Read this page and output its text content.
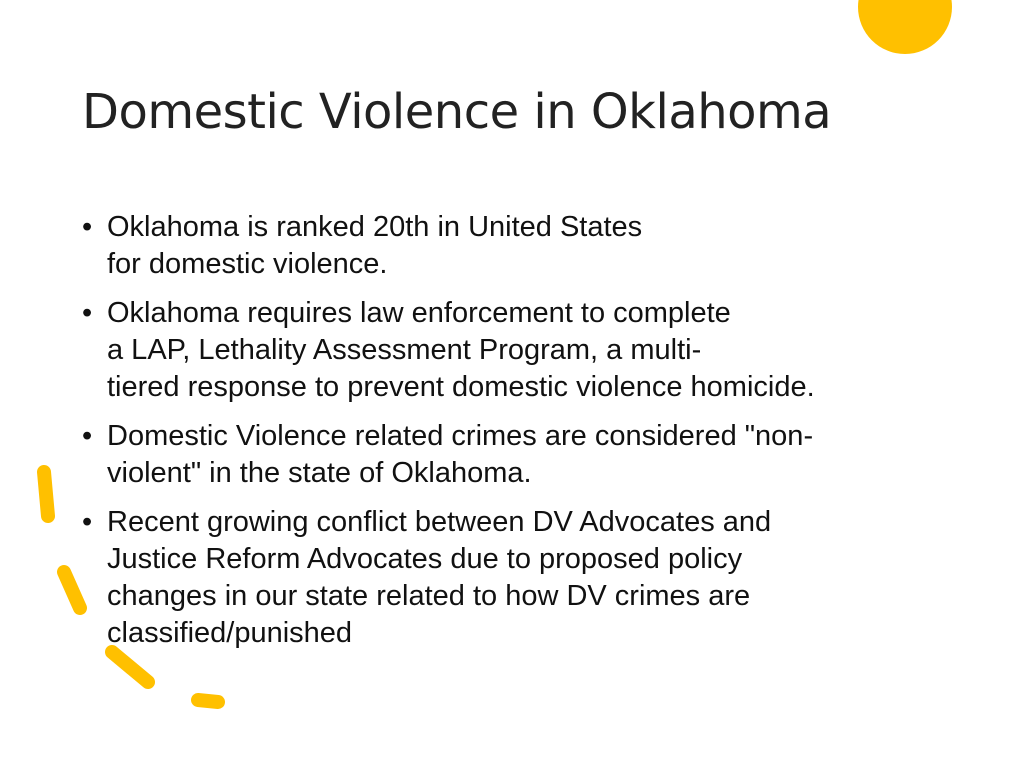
Domestic Violence in Oklahoma
• Oklahoma is ranked 20th in United States
for domestic violence.
• Oklahoma requires law enforcement to complete
a LAP, Lethality Assessment Program, a multi-
tiered response to prevent domestic violence homicide.
• Domestic Violence related crimes are considered "non-
violent" in the state of Oklahoma.
• Recent growing conflict between DV Advocates and
Justice Reform Advocates due to proposed policy
changes in our state related to how DV crimes are
classified/punished
